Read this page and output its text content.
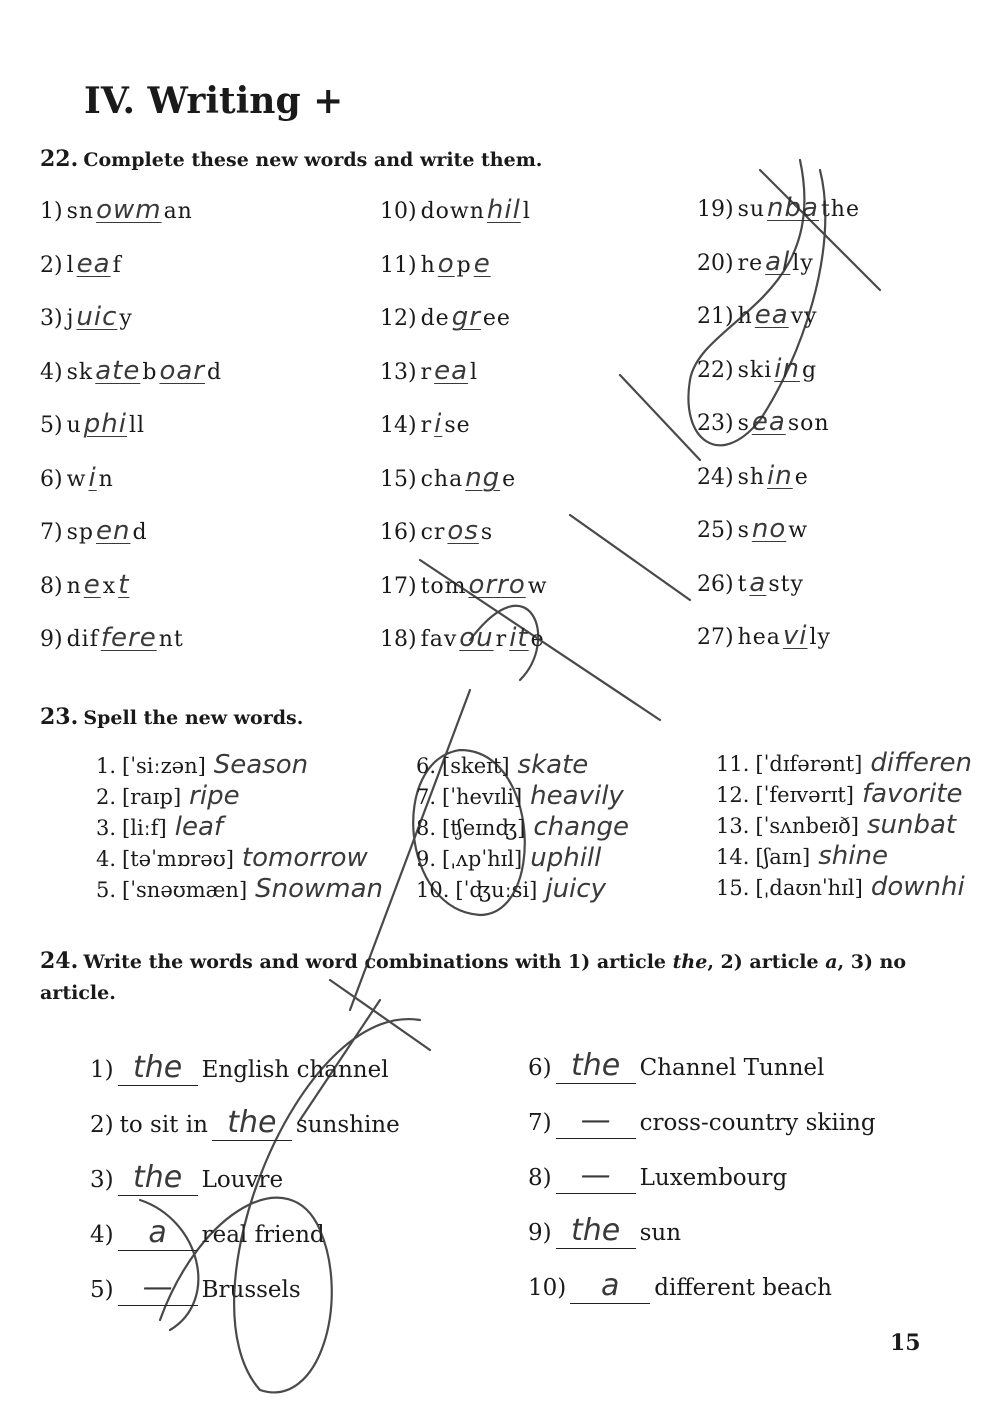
IV. Writing +
22. Complete these new words and write them.
1) snowman
2) leaf
3) juicy
4) skateboard
5) uphill
6) win
7) spend
8) next
9) different
10) downhill
11) hope
12) degree
13) real
14) rise
15) change
16) cross
17) tomorrow
18) favourite
19) sunbathe
20) really
21) heavy
22) skiing
23) season
24) shine
25) snow
26) tasty
27) heavily
23. Spell the new words.
1. [ˈsiːzən] Season
2. [raɪp] ripe
3. [liːf] leaf
4. [təˈmɒrəʊ] tomorrow
5. [ˈsnəʊmæn] Snowman
6. [skeɪt] skate
7. [ˈhevɪli] heavily
8. [ʧeɪnʤ] change
9. [ˌʌpˈhɪl] uphill
10. [ˈʤuːsi] juicy
11. [ˈdɪfərənt] differen
12. [ˈfeɪvərɪt] favorite
13. [ˈsʌnbeɪð] sunbat
14. [ʃaɪn] shine
15. [ˌdaʊnˈhɪl] downhi
24. Write the words and word combinations with 1) article the, 2) article a, 3) no article.
1) the English channel
2) to sit in the sunshine
3) the Louvre
4)	a	real friend
5) —	Brussels
6) the Channel Tunnel
7) —	cross-country skiing
8) —	Luxembourg
9) the sun
10)	a	different beach
15
